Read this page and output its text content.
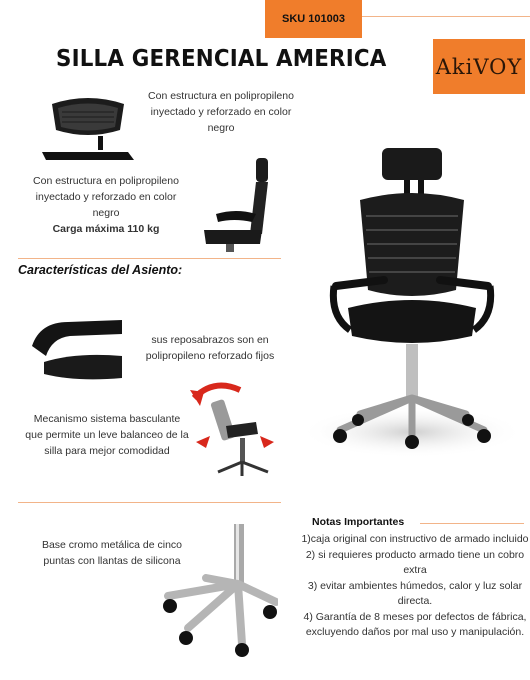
SKU 101003
SILLA GERENCIAL AMERICA AkiVOY
Con estructura en polipropileno inyectado y reforzado en color negro
Con estructura en polipropileno inyectado y reforzado en color negro
Carga máxima 110 kg
Características del Asiento:
sus reposabrazos son en polipropileno reforzado fijos
Mecanismo sistema basculante que permite un leve balanceo de la silla para mejor comodidad
Base cromo metálica de cinco puntas con llantas de silicona
Notas Importantes
1)caja original con instructivo de armado incluido
2) si requieres producto armado tiene un cobro extra
3) evitar ambientes húmedos, calor y luz solar directa.
4) Garantía de 8 meses por defectos de fábrica, excluyendo daños por mal uso y manipulación.
